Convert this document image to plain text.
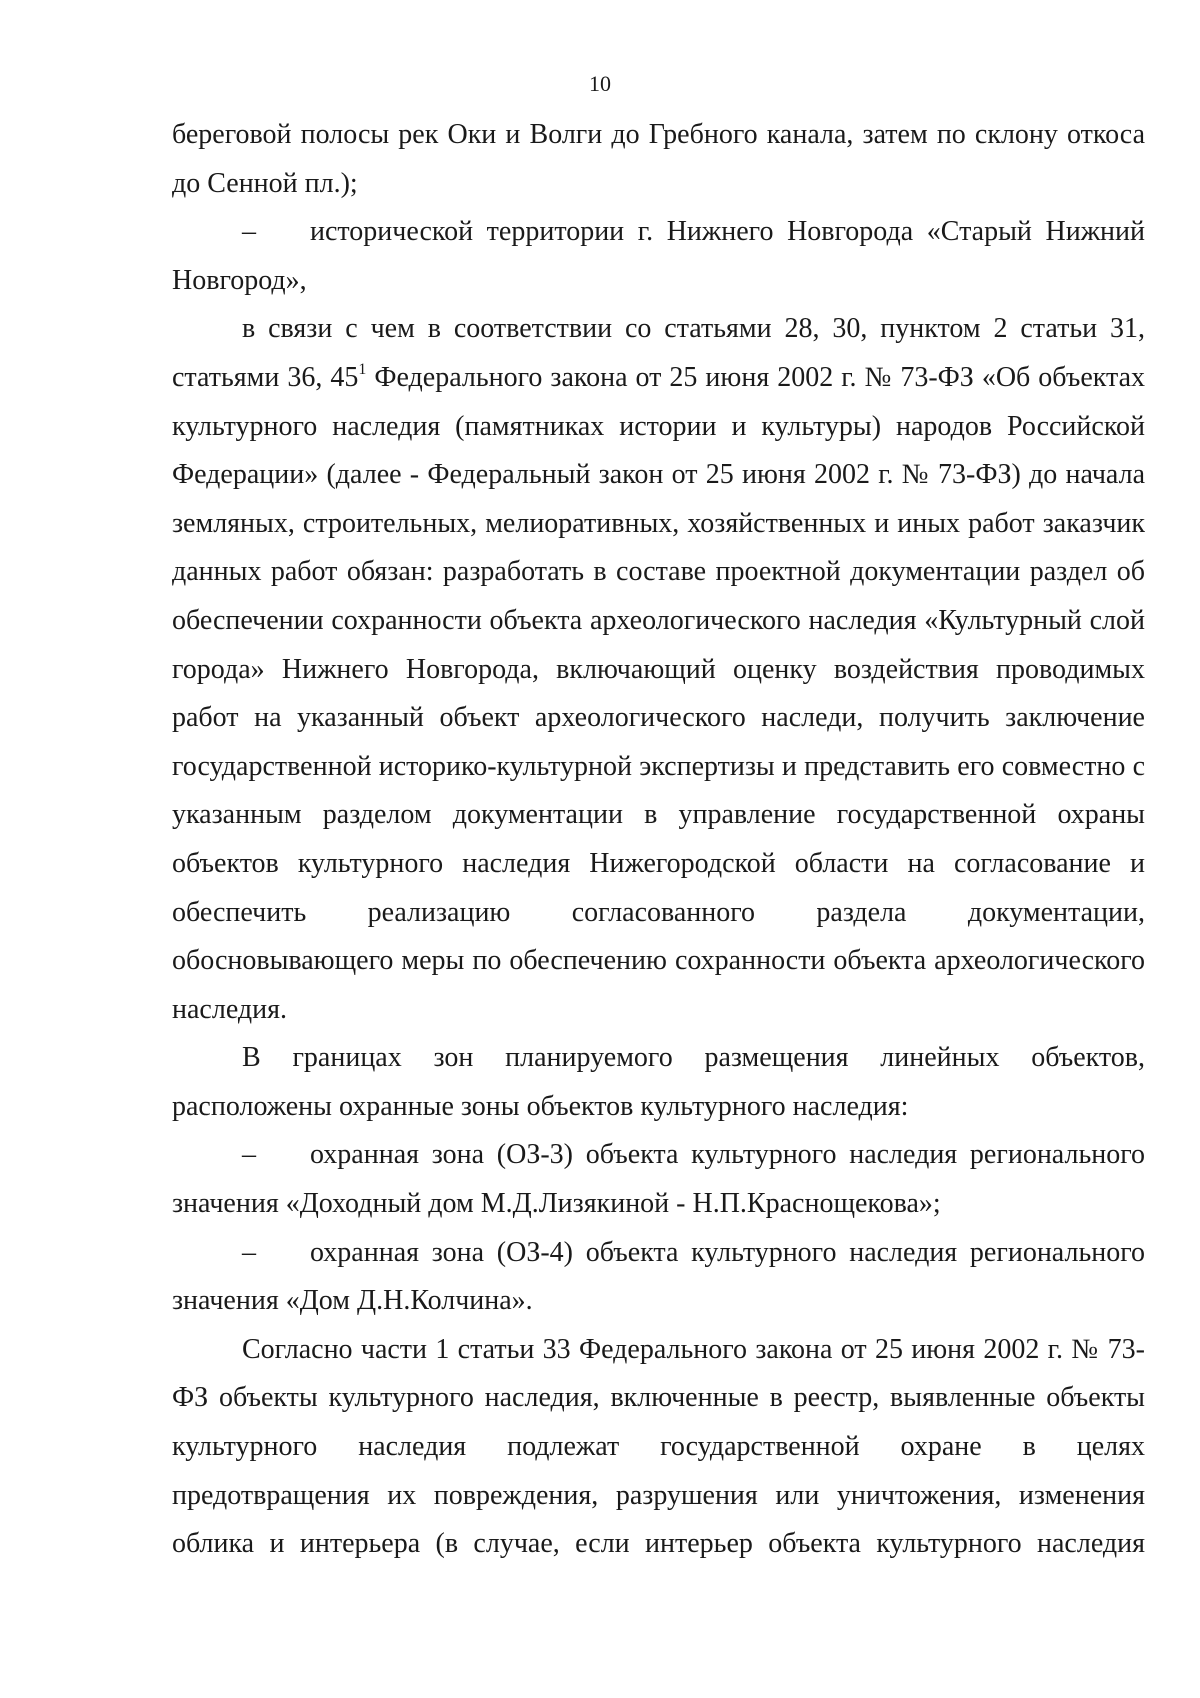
10

береговой полосы рек Оки и Волги до Гребного канала, затем по склону откоса до Сенной пл.);

– исторической территории г. Нижнего Новгорода «Старый Нижний Новгород»,

в связи с чем в соответствии со статьями 28, 30, пунктом 2 статьи 31, статьями 36, $45^1$ Федерального закона от 25 июня 2002 г. № 73-ФЗ «Об объектах культурного наследия (памятниках истории и культуры) народов Российской Федерации» (далее - Федеральный закон от 25 июня 2002 г. № 73-ФЗ) до начала земляных, строительных, мелиоративных, хозяйственных и иных работ заказчик данных работ обязан: разработать в составе проектной документации раздел об обеспечении сохранности объекта археологического наследия «Культурный слой города» Нижнего Новгорода, включающий оценку воздействия проводимых работ на указанный объект археологического наследи, получить заключение государственной историко-культурной экспертизы и представить его совместно с указанным разделом документации в управление государственной охраны объектов культурного наследия Нижегородской области на согласование и обеспечить реализацию согласованного раздела документации, обосновывающего меры по обеспечению сохранности объекта археологического наследия.

В границах зон планируемого размещения линейных объектов, расположены охранные зоны объектов культурного наследия:

– охранная зона (ОЗ-3) объекта культурного наследия регионального значения «Доходный дом М.Д.Лизякиной - Н.П.Краснощекова»;

– охранная зона (ОЗ-4) объекта культурного наследия регионального значения «Дом Д.Н.Колчина».

Согласно части 1 статьи 33 Федерального закона от 25 июня 2002 г. № 73-ФЗ объекты культурного наследия, включенные в реестр, выявленные объекты культурного наследия подлежат государственной охране в целях предотвращения их повреждения, разрушения или уничтожения, изменения облика и интерьера (в случае, если интерьер объекта культурного наследия
